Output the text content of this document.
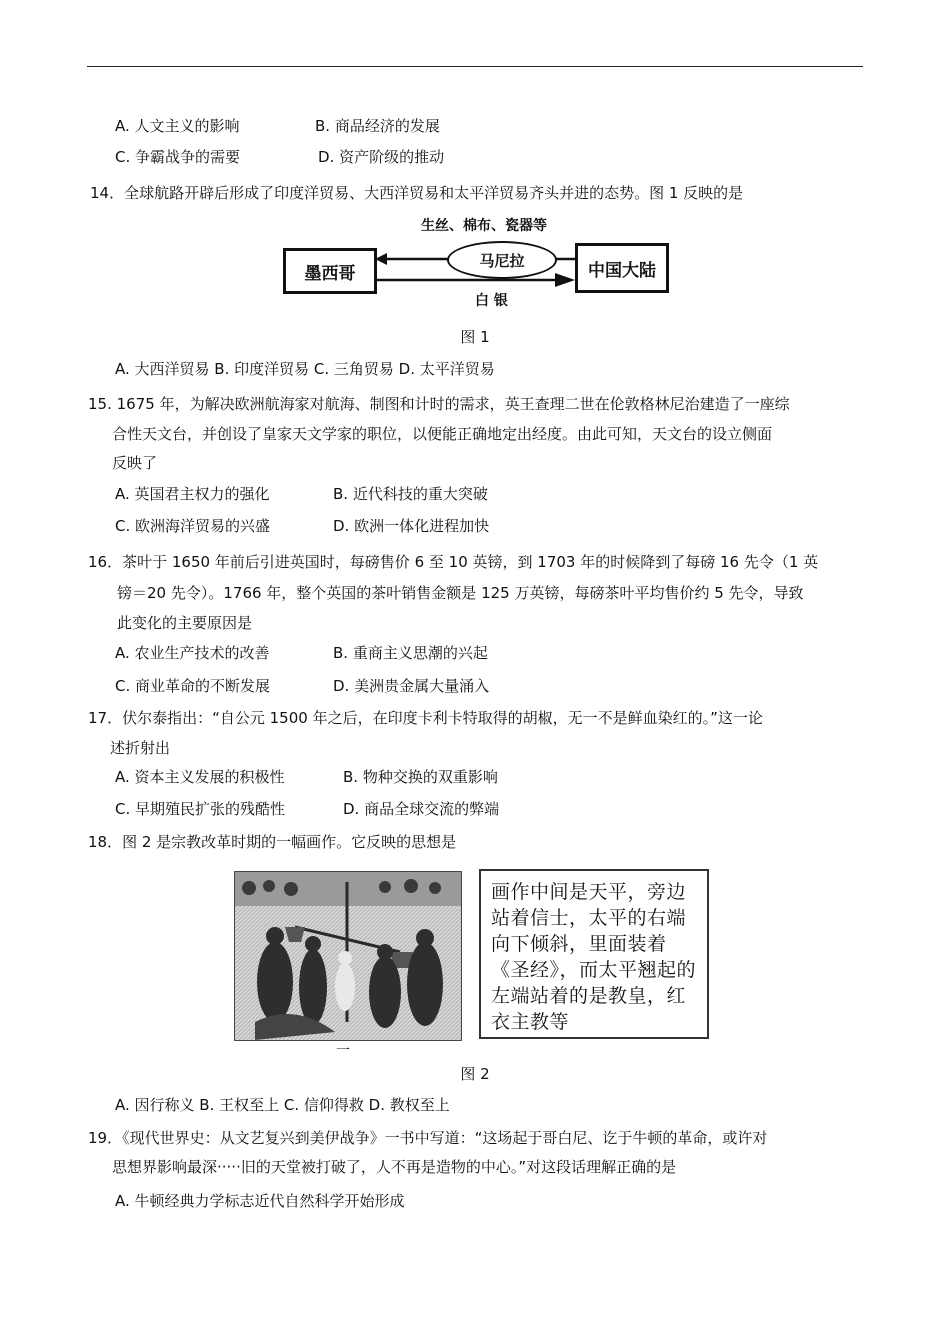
A. 人文主义的影响	B. 商品经济的发展
C. 争霸战争的需要	D. 资产阶级的推动
14．全球航路开辟后形成了印度洋贸易、大西洋贸易和太平洋贸易齐头并进的态势。图 1 反映的是
生丝、棉布、瓷器等
墨西哥	中国大陆
马尼拉
白 银
图 1
A. 大西洋贸易 B. 印度洋贸易 C. 三角贸易 D. 太平洋贸易
15. 1675 年，为解决欧洲航海家对航海、制图和计时的需求，英王查理二世在伦敦格林尼治建造了一座综
合性天文台，并创设了皇家天文学家的职位，以便能正确地定出经度。由此可知，天文台的设立侧面
反映了
A. 英国君主权力的强化	B. 近代科技的重大突破
C. 欧洲海洋贸易的兴盛	D. 欧洲一体化进程加快
16．茶叶于 1650 年前后引进英国时，每磅售价 6 至 10 英镑，到 1703 年的时候降到了每磅 16 先令（1 英
镑＝20 先令）。1766 年，整个英国的茶叶销售金额是 125 万英镑，每磅茶叶平均售价约 5 先令，导致
此变化的主要原因是
A. 农业生产技术的改善	B. 重商主义思潮的兴起
C. 商业革命的不断发展	D. 美洲贵金属大量涌入
17．伏尔泰指出：“自公元 1500 年之后，在印度卡利卡特取得的胡椒，无一不是鲜血染红的。”这一论
述折射出
A. 资本主义发展的积极性	B. 物种交换的双重影响
C. 早期殖民扩张的残酷性	D. 商品全球交流的弊端
18．图 2 是宗教改革时期的一幅画作。它反映的思想是

画作中间是天平，旁边站着信士，太平的右端向下倾斜，里面装着《圣经》，而太平翘起的左端站着的是教皇，红衣主教等

一
图 2
A. 因行称义 B. 王权至上 C. 信仰得救 D. 教权至上
19．《现代世界史：从文艺复兴到美伊战争》一书中写道：“这场起于哥白尼、讫于牛顿的革命，或许对
思想界影响最深·····旧的天堂被打破了，人不再是造物的中心。”对这段话理解正确的是
A. 牛顿经典力学标志近代自然科学开始形成
